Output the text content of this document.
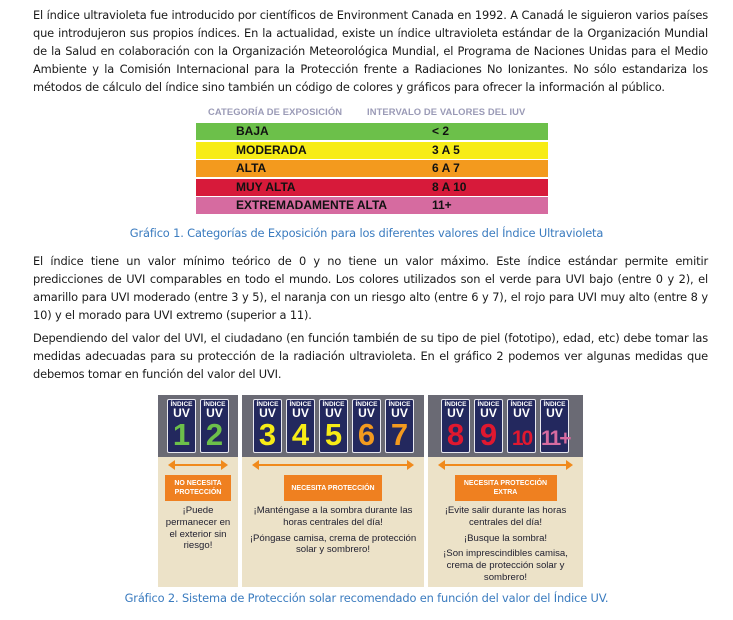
El índice ultravioleta fue introducido por científicos de Environment Canada en 1992. A Canadá le siguieron varios países que introdujeron sus propios índices. En la actualidad, existe un índice ultravioleta estándar de la Organización Mundial de la Salud en colaboración con la Organización Meteorológica Mundial, el Programa de Naciones Unidas para el Medio Ambiente y la Comisión Internacional para la Protección frente a Radiaciones No Ionizantes. No sólo estandariza los métodos de cálculo del índice sino también un código de colores y gráficos para ofrecer la información al público.

CATEGORÍA DE EXPOSICIÓN	INTERVALO DE VALORES DEL IUV
BAJA	< 2
MODERADA	3 A 5
ALTA	6 A 7
MUY ALTA	8 A 10
EXTREMADAMENTE ALTA	11+

Gráfico 1. Categorías de Exposición para los diferentes valores del Índice Ultravioleta

El índice tiene un valor mínimo teórico de 0 y no tiene un valor máximo. Este índice estándar permite emitir predicciones de UVI comparables en todo el mundo. Los colores utilizados son el verde para UVI bajo (entre 0 y 2), el amarillo para UVI moderado (entre 3 y 5), el naranja con un riesgo alto (entre 6 y 7), el rojo para UVI muy alto (entre 8 y 10) y el morado para UVI extremo (superior a 11).

Dependiendo del valor del UVI, el ciudadano (en función también de su tipo de piel (fototipo), edad, etc) debe tomar las medidas adecuadas para su protección de la radiación ultravioleta. En el gráfico 2 podemos ver algunas medidas que debemos tomar en función del valor del UVI.

ÍNDICE
UV
1
ÍNDICE
UV
2
NO NECESITA PROTECCIÓN

¡Puede permanecer en el exterior sin riesgo!

ÍNDICE
UV
3
ÍNDICE
UV
4
ÍNDICE
UV
5
ÍNDICE
UV
6
ÍNDICE
UV
7
NECESITA PROTECCIÓN

¡Manténgase a la sombra durante las horas centrales del día!

¡Póngase camisa, crema de protección solar y sombrero!

ÍNDICE
UV
8
ÍNDICE
UV
9
ÍNDICE
UV
10
ÍNDICE
UV
11+
NECESITA PROTECCIÓN EXTRA

¡Evite salir durante las horas centrales del día!

¡Busque la sombra!

¡Son imprescindibles camisa, crema de protección solar y sombrero!

Gráfico 2. Sistema de Protección solar recomendado en función del valor del Índice UV.
